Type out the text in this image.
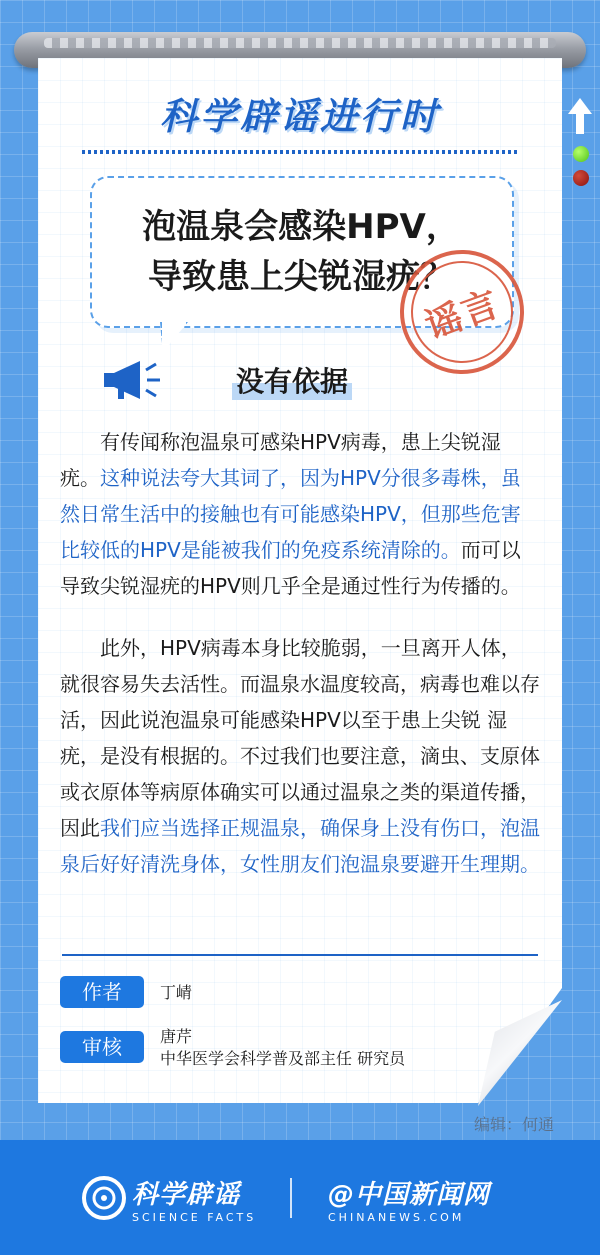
科学辟谣进行时
泡温泉会感染HPV，
导致患上尖锐湿疣？
谣言
没有依据

有传闻称泡温泉可感染HPV病毒，患上尖锐湿疣。这种说法夸大其词了，因为HPV分很多毒株，虽然日常生活中的接触也有可能感染HPV，但那些危害比较低的HPV是能被我们的免疫系统清除的。而可以导致尖锐湿疣的HPV则几乎全是通过性行为传播的。

此外，HPV病毒本身比较脆弱，一旦离开人体，就很容易失去活性。而温泉水温度较高，病毒也难以存活，因此说泡温泉可能感染HPV以至于患上尖锐 湿疣，是没有根据的。不过我们也要注意，滴虫、支原体或衣原体等病原体确实可以通过温泉之类的渠道传播，因此我们应当选择正规温泉，确保身上没有伤口，泡温泉后好好清洗身体，女性朋友们泡温泉要避开生理期。

作者	丁崝
审核	唐芹
中华医学会科学普及部主任 研究员
编辑：何通
科学辟谣
SCIENCE FACTS
@中国新闻网
CHINANEWS.COM
